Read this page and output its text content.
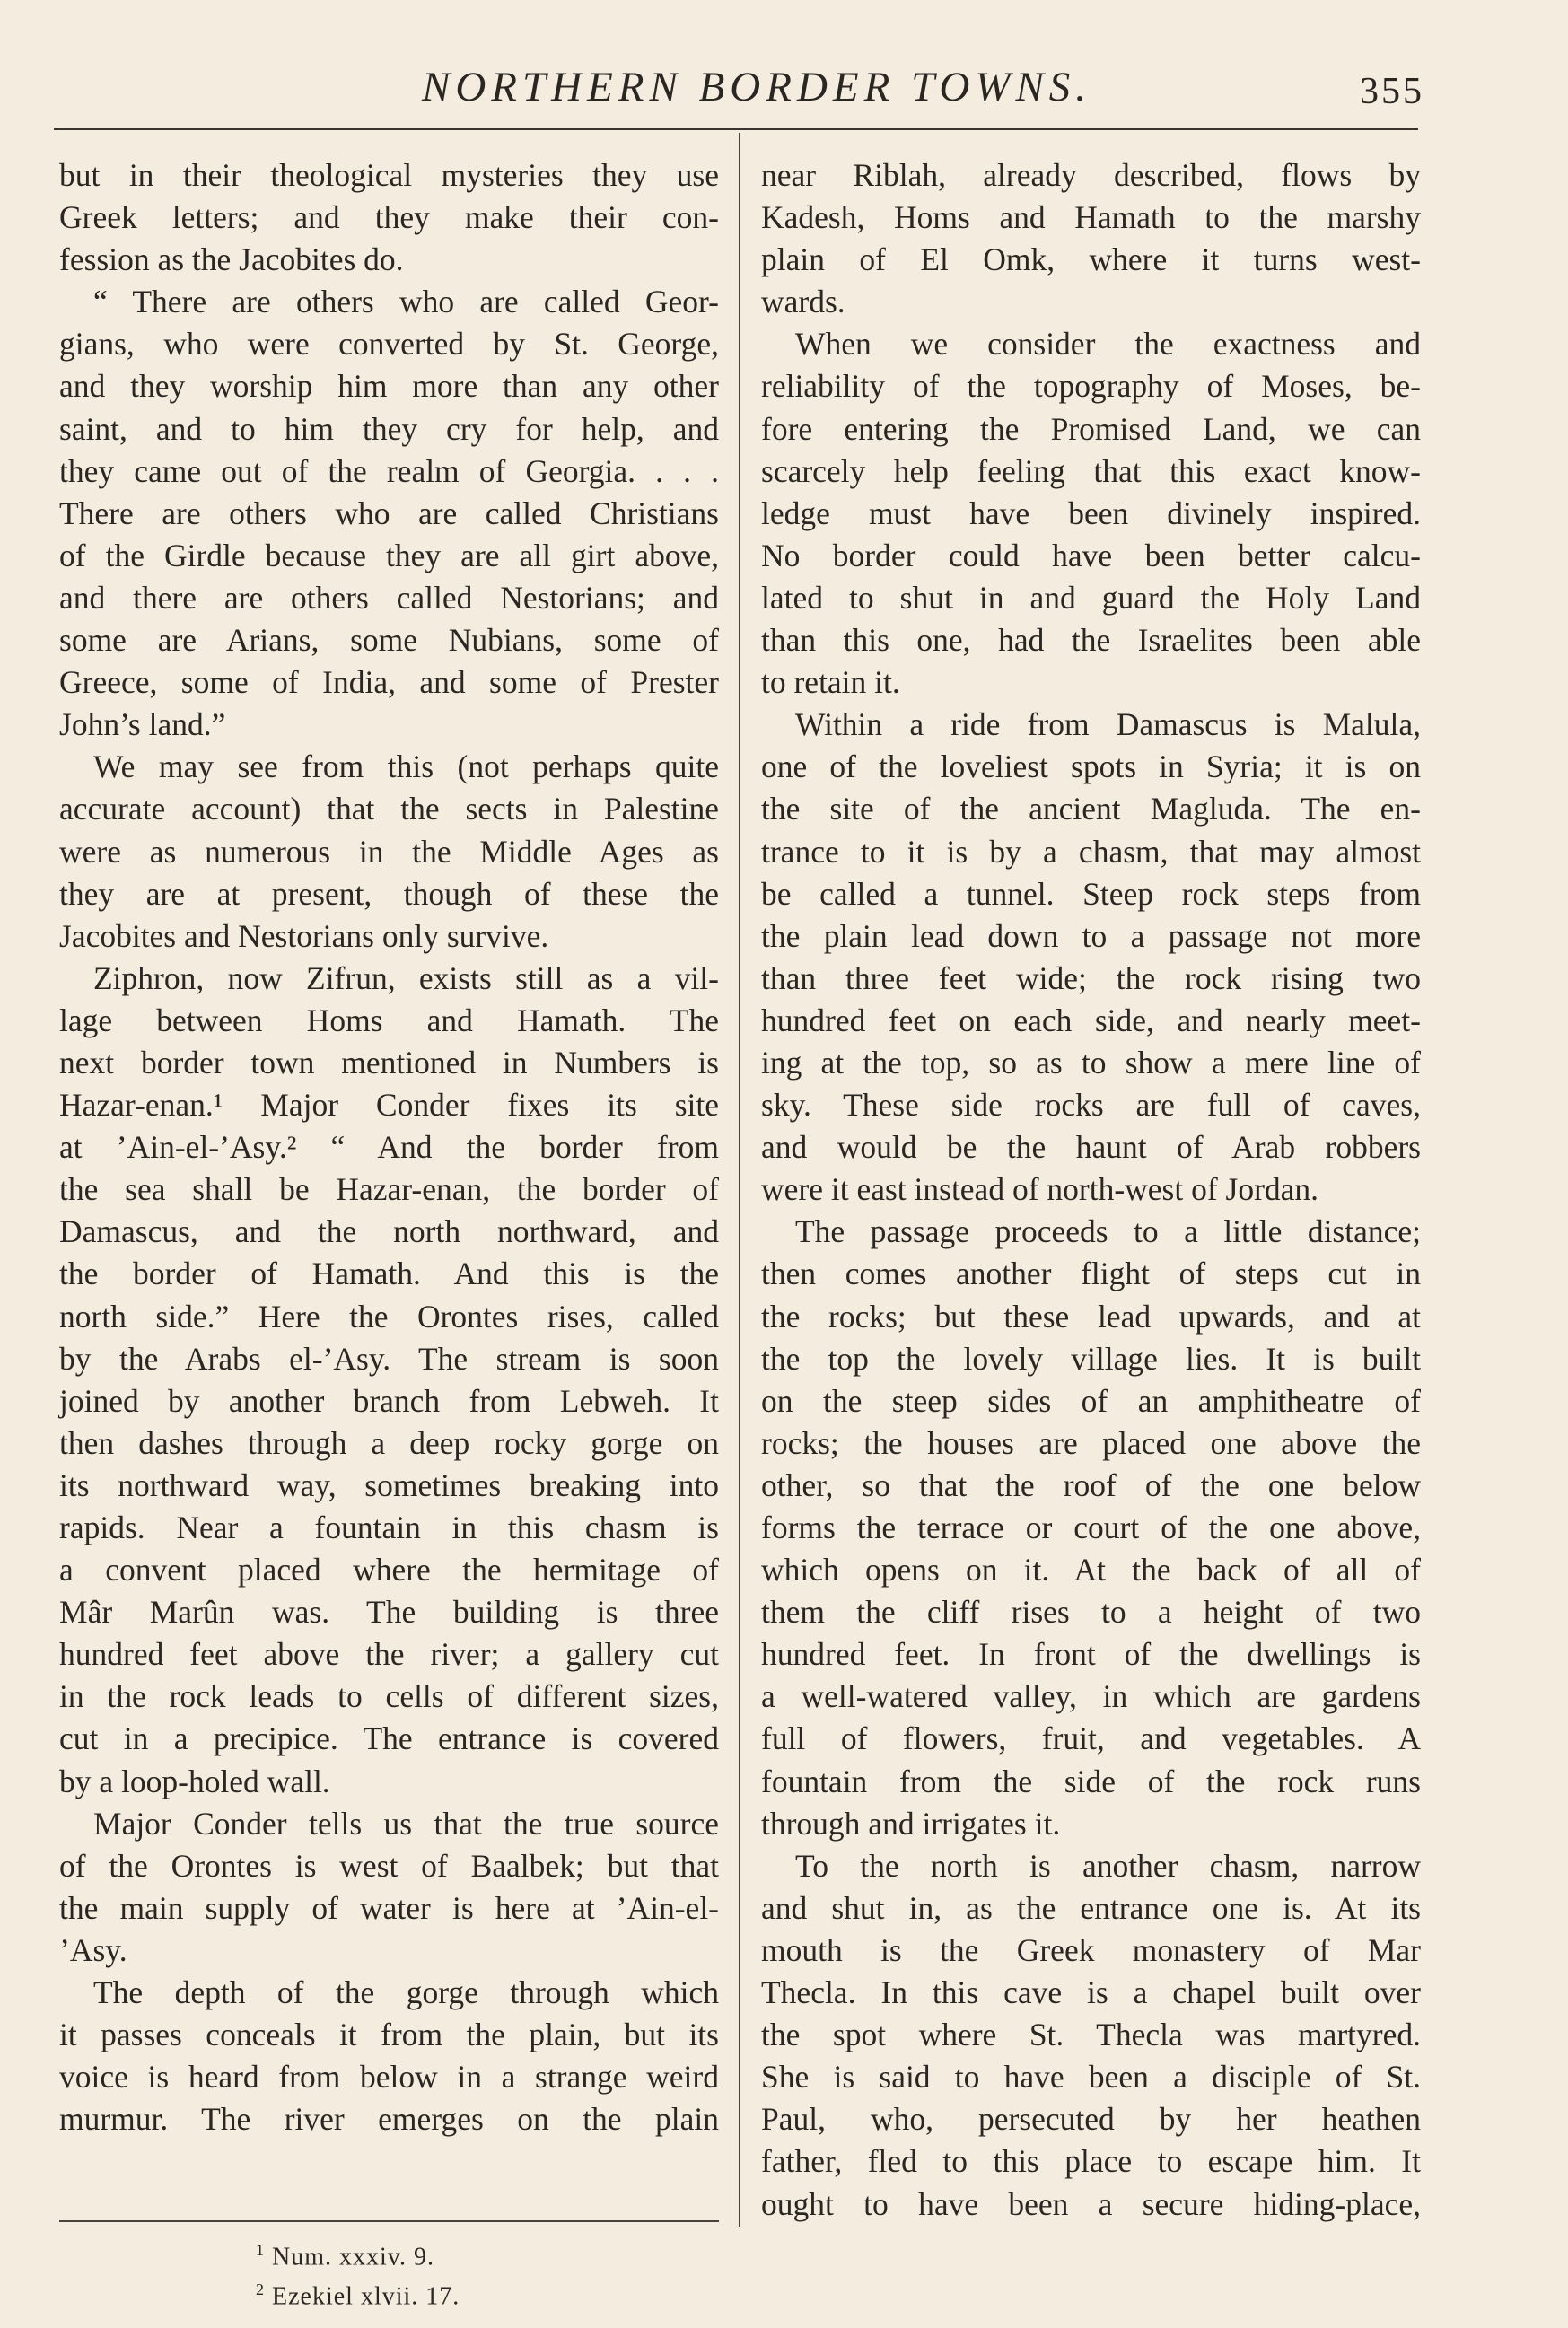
NORTHERN BORDER TOWNS.	355

but in their theological mysteries they use

Greek letters; and they make their con-

fession as the Jacobites do.

“ There are others who are called Geor-

gians, who were converted by St. George,

and they worship him more than any other

saint, and to him they cry for help, and

they came out of the realm of Georgia. . . .

There are others who are called Christians

of the Girdle because they are all girt above,

and there are others called Nestorians; and

some are Arians, some Nubians, some of

Greece, some of India, and some of Prester

John’s land.”

We may see from this (not perhaps quite

accurate account) that the sects in Palestine

were as numerous in the Middle Ages as

they are at present, though of these the

Jacobites and Nestorians only survive.

Ziphron, now Zifrun, exists still as a vil-

lage between Homs and Hamath. The

next border town mentioned in Numbers is

Hazar-enan.¹ Major Conder fixes its site

at ’Ain-el-’Asy.² “ And the border from

the sea shall be Hazar-enan, the border of

Damascus, and the north northward, and

the border of Hamath. And this is the

north side.” Here the Orontes rises, called

by the Arabs el-’Asy. The stream is soon

joined by another branch from Lebweh. It

then dashes through a deep rocky gorge on

its northward way, sometimes breaking into

rapids. Near a fountain in this chasm is

a convent placed where the hermitage of

Mâr Marûn was. The building is three

hundred feet above the river; a gallery cut

in the rock leads to cells of different sizes,

cut in a precipice. The entrance is covered

by a loop-holed wall.

Major Conder tells us that the true source

of the Orontes is west of Baalbek; but that

the main supply of water is here at ’Ain-el-

’Asy.

The depth of the gorge through which

it passes conceals it from the plain, but its

voice is heard from below in a strange weird

murmur. The river emerges on the plain

near Riblah, already described, flows by

Kadesh, Homs and Hamath to the marshy

plain of El Omk, where it turns west-

wards.

When we consider the exactness and

reliability of the topography of Moses, be-

fore entering the Promised Land, we can

scarcely help feeling that this exact know-

ledge must have been divinely inspired.

No border could have been better calcu-

lated to shut in and guard the Holy Land

than this one, had the Israelites been able

to retain it.

Within a ride from Damascus is Malula,

one of the loveliest spots in Syria; it is on

the site of the ancient Magluda. The en-

trance to it is by a chasm, that may almost

be called a tunnel. Steep rock steps from

the plain lead down to a passage not more

than three feet wide; the rock rising two

hundred feet on each side, and nearly meet-

ing at the top, so as to show a mere line of

sky. These side rocks are full of caves,

and would be the haunt of Arab robbers

were it east instead of north-west of Jordan.

The passage proceeds to a little distance;

then comes another flight of steps cut in

the rocks; but these lead upwards, and at

the top the lovely village lies. It is built

on the steep sides of an amphitheatre of

rocks; the houses are placed one above the

other, so that the roof of the one below

forms the terrace or court of the one above,

which opens on it. At the back of all of

them the cliff rises to a height of two

hundred feet. In front of the dwellings is

a well-watered valley, in which are gardens

full of flowers, fruit, and vegetables. A

fountain from the side of the rock runs

through and irrigates it.

To the north is another chasm, narrow

and shut in, as the entrance one is. At its

mouth is the Greek monastery of Mar

Thecla. In this cave is a chapel built over

the spot where St. Thecla was martyred.

She is said to have been a disciple of St.

Paul, who, persecuted by her heathen

father, fled to this place to escape him. It

ought to have been a secure hiding-place,

$^1$ Num. xxxiv. 9.
$^2$ Ezekiel xlvii. 17.
